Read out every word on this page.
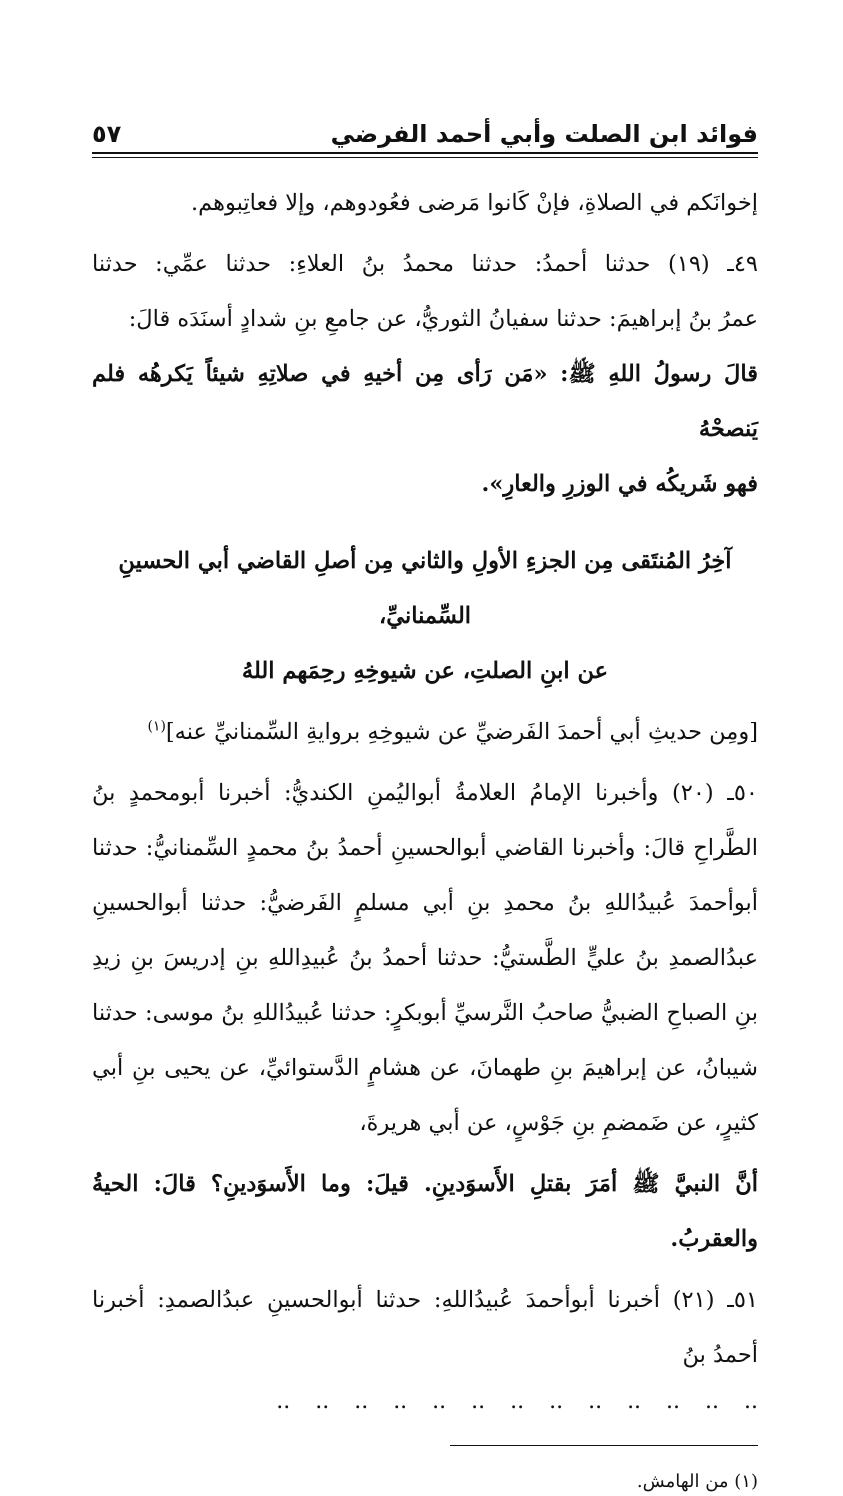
فوائد ابن الصلت وأبي أحمد الفرضي
٥٧

إخوانَكم في الصلاةِ، فإنْ كَانوا مَرضى فعُودوهم، وإلا فعاتِبوهم.

٤٩ـ (١٩) حدثنا أحمدُ: حدثنا محمدُ بنُ العلاءِ: حدثنا عمِّي: حدثنا

عمرُ بنُ إبراهيمَ: حدثنا سفيانُ الثوريُّ، عن جامعِ بنِ شدادٍ أسنَدَه قالَ:

قالَ رسولُ اللهِ ﷺ: «مَن رَأى مِن أخيهِ في صلاتِهِ شيئاً يَكرهُه فلم يَنصحْهُ

فهو شَريكُه في الوزرِ والعارِ».

آخِرُ المُنتَقى مِن الجزءِ الأولِ والثاني مِن أصلِ القاضي أبي الحسينِ السِّمنانيِّ،

عن ابنِ الصلتِ، عن شيوخِهِ رحِمَهم اللهُ

[ومِن حديثِ أبي أحمدَ الفَرضيِّ عن شيوخِهِ بروايةِ السِّمنانيِّ عنه]$^{(١)}$

٥٠ـ (٢٠) وأخبرنا الإمامُ العلامةُ أبواليُمنِ الكنديُّ: أخبرنا أبومحمدٍ بنُ الطَّراحِ قالَ: وأخبرنا القاضي أبوالحسينِ أحمدُ بنُ محمدٍ السِّمنانيُّ: حدثنا أبوأحمدَ عُبيدُاللهِ بنُ محمدِ بنِ أبي مسلمٍ الفَرضيُّ: حدثنا أبوالحسينِ عبدُالصمدِ بنُ عليٍّ الطَّستيُّ: حدثنا أحمدُ بنُ عُبيدِاللهِ بنِ إدريسَ بنِ زيدِ بنِ الصباحِ الضبيُّ صاحبُ النَّرسيِّ أبوبكرٍ: حدثنا عُبيدُاللهِ بنُ موسى: حدثنا شيبانُ، عن إبراهيمَ بنِ طهمانَ، عن هشامٍ الدَّستوائيِّ، عن يحيى بنِ أبي كثيرٍ، عن ضَمضمِ بنِ جَوْسٍ، عن أبي هريرةَ،

أنَّ النبيَّ ﷺ أمَرَ بقتلِ الأَسوَدينِ. قيلَ: وما الأَسوَدينِ؟ قالَ: الحيةُ والعقربُ.

٥١ـ (٢١) أخبرنا أبوأحمدَ عُبيدُاللهِ: حدثنا أبوالحسينِ عبدُالصمدِ: أخبرنا أحمدُ بنُ

.. .. .. .. .. .. .. .. .. .. .. .. ..
(١) من الهامش.
